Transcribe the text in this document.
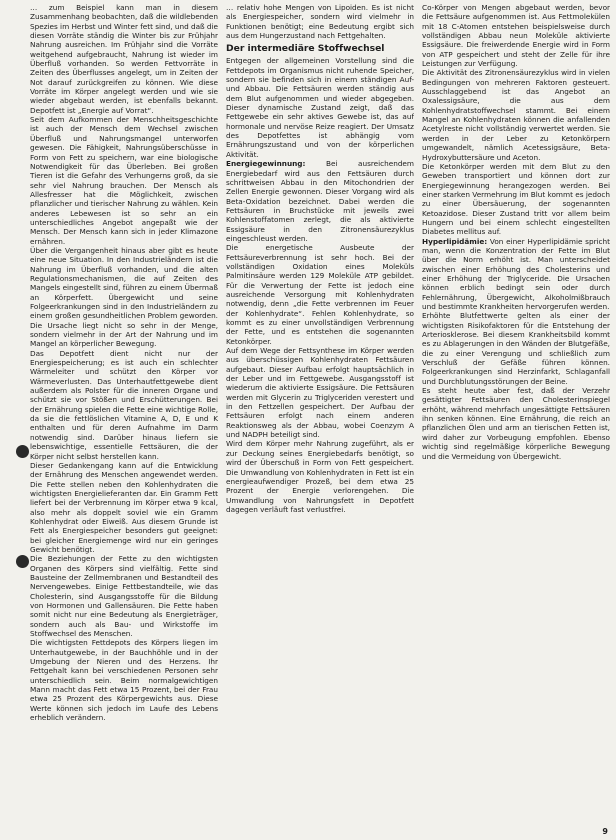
… zum Beispiel kann man in diesem Zusammenhang beobachten, daß die wildlebenden Spezies im Herbst und Winter fett sind, und daß die diesen Vorräte ständig die Winter bis zur Frühjahr Nahrung ausreichen. Im Frühjahr sind die Vorräte weitgehend aufgebraucht, Nahrung ist wieder im Überfluß vorhanden. So werden Fettvorräte in Zeiten des Überflusses angelegt, um in Zeiten der Not darauf zurückgreifen zu können. Wie diese Vorräte im Körper angelegt werden und wie sie wieder abgebaut werden, ist ebenfalls bekannt. Depotfett ist „Energie auf Vorrat“.

Seit dem Aufkommen der Menschheitsgeschichte ist auch der Mensch dem Wechsel zwischen Überfluß und Nahrungsmangel unterworfen gewesen. Die Fähigkeit, Nahrungsüberschüsse in Form von Fett zu speichern, war eine biologische Notwendigkeit für das Überleben. Bei großen Tieren ist die Gefahr des Verhungerns groß, da sie sehr viel Nahrung brauchen. Der Mensch als Allesfresser hat die Möglichkeit, zwischen pflanzlicher und tierischer Nahrung zu wählen. Kein anderes Lebewesen ist so sehr an ein unterschiedliches Angebot angepaßt wie der Mensch. Der Mensch kann sich in jeder Klimazone ernähren.

Über die Vergangenheit hinaus aber gibt es heute eine neue Situation. In den Industrieländern ist die Nahrung im Überfluß vorhanden, und die alten Regulationsmechanismen, die auf Zeiten des Mangels eingestellt sind, führen zu einem Übermaß an Körperfett. Übergewicht und seine Folgeerkrankungen sind in den Industrieländern zu einem großen gesundheitlichen Problem geworden. Die Ursache liegt nicht so sehr in der Menge, sondern vielmehr in der Art der Nahrung und im Mangel an körperlicher Bewegung.

Das Depotfett dient nicht nur der Energiespeicherung; es ist auch ein schlechter Wärmeleiter und schützt den Körper vor Wärmeverlusten. Das Unterhautfettgewebe dient außerdem als Polster für die inneren Organe und schützt sie vor Stößen und Erschütterungen. Bei der Ernährung spielen die Fette eine wichtige Rolle, da sie die fettlöslichen Vitamine A, D, E und K enthalten und für deren Aufnahme im Darm notwendig sind. Darüber hinaus liefern sie lebenswichtige, essentielle Fettsäuren, die der Körper nicht selbst herstellen kann.

Dieser Gedankengang kann auf die Entwicklung der Ernährung des Menschen angewendet werden. Die Fette stellen neben den Kohlenhydraten die wichtigsten Energielieferanten dar. Ein Gramm Fett liefert bei der Verbrennung im Körper etwa 9 kcal, also mehr als doppelt soviel wie ein Gramm Kohlenhydrat oder Eiweiß. Aus diesem Grunde ist Fett als Energiespeicher besonders gut geeignet: bei gleicher Energiemenge wird nur ein geringes Gewicht benötigt.

Die Beziehungen der Fette zu den wichtigsten Organen des Körpers sind vielfältig. Fette sind Bausteine der Zellmembranen und Bestandteil des Nervengewebes. Einige Fettbestandteile, wie das Cholesterin, sind Ausgangsstoffe für die Bildung von Hormonen und Gallensäuren. Die Fette haben somit nicht nur eine Bedeutung als Energieträger, sondern auch als Bau- und Wirkstoffe im Stoffwechsel des Menschen.

Die wichtigsten Fettdepots des Körpers liegen im Unterhautgewebe, in der Bauchhöhle und in der Umgebung der Nieren und des Herzens. Ihr Fettgehalt kann bei verschiedenen Personen sehr unterschiedlich sein. Beim normalgewichtigen Mann macht das Fett etwa 15 Prozent, bei der Frau etwa 25 Prozent des Körpergewichts aus. Diese Werte können sich jedoch im Laufe des Lebens erheblich verändern.

… relativ hohe Mengen von Lipoiden. Es ist nicht als Energiespeicher, sondern wird vielmehr in Funktionen benötigt; eine Bedeutung ergibt sich aus dem Hungerzustand nach Fettgehalten.

Der intermediäre Stoffwechsel

Entgegen der allgemeinen Vorstellung sind die Fettdepots im Organismus nicht ruhende Speicher, sondern sie befinden sich in einem ständigen Auf- und Abbau. Die Fettsäuren werden ständig aus dem Blut aufgenommen und wieder abgegeben. Dieser dynamische Zustand zeigt, daß das Fettgewebe ein sehr aktives Gewebe ist, das auf hormonale und nervöse Reize reagiert. Der Umsatz des Depotfettes ist abhängig vom Ernährungszustand und von der körperlichen Aktivität.

Energiegewinnung:	Bei ausreichendem Energiebedarf wird aus den Fettsäuren durch schrittweisen Abbau in den Mitochondrien der Zellen Energie gewonnen. Dieser Vorgang wird als Beta-Oxidation bezeichnet. Dabei werden die Fettsäuren in Bruchstücke mit jeweils zwei Kohlenstoffatomen zerlegt, die als aktivierte Essigsäure in den Zitronensäurezyklus eingeschleust werden.

Die energetische Ausbeute der Fettsäureverbrennung ist sehr hoch. Bei der vollständigen Oxidation eines Moleküls Palmitinsäure werden 129 Moleküle ATP gebildet. Für die Verwertung der Fette ist jedoch eine ausreichende Versorgung mit Kohlenhydraten notwendig, denn „die Fette verbrennen im Feuer der Kohlenhydrate“. Fehlen Kohlenhydrate, so kommt es zu einer unvollständigen Verbrennung der Fette, und es entstehen die sogenannten Ketonkörper.

Auf dem Wege der Fettsynthese im Körper werden aus überschüssigen Kohlenhydraten Fettsäuren aufgebaut. Dieser Aufbau erfolgt hauptsächlich in der Leber und im Fettgewebe. Ausgangsstoff ist wiederum die aktivierte Essigsäure. Die Fettsäuren werden mit Glycerin zu Triglyceriden verestert und in den Fettzellen gespeichert. Der Aufbau der Fettsäuren erfolgt nach einem anderen Reaktionsweg als der Abbau, wobei Coenzym A und NADPH beteiligt sind.

Wird dem Körper mehr Nahrung zugeführt, als er zur Deckung seines Energiebedarfs benötigt, so wird der Überschuß in Form von Fett gespeichert. Die Umwandlung von Kohlenhydraten in Fett ist ein energieaufwendiger Prozeß, bei dem etwa 25 Prozent der Energie verlorengehen. Die Umwandlung von Nahrungsfett in Depotfett dagegen verläuft fast verlustfrei.

Co-Körper von Mengen abgebaut werden, bevor die Fettsäure aufgenommen ist. Aus Fettmolekülen mit 18 C-Atomen entstehen beispielsweise durch vollständigen Abbau neun Moleküle aktivierte Essigsäure. Die freiwerdende Energie wird in Form von ATP gespeichert und steht der Zelle für ihre Leistungen zur Verfügung.

Die Aktivität des Zitronensäurezyklus wird in vielen Bedingungen von mehreren Faktoren gesteuert. Ausschlaggebend ist das Angebot an Oxalessigsäure, die aus dem Kohlenhydratstoffwechsel stammt. Bei einem Mangel an Kohlenhydraten können die anfallenden Acetylreste nicht vollständig verwertet werden. Sie werden in der Leber zu Ketonkörpern umgewandelt, nämlich Acetessigsäure, Beta-Hydroxybuttersäure und Aceton.

Die Ketonkörper werden mit dem Blut zu den Geweben transportiert und können dort zur Energiegewinnung herangezogen werden. Bei einer starken Vermehrung im Blut kommt es jedoch zu einer Übersäuerung, der sogenannten Ketoazidose. Dieser Zustand tritt vor allem beim Hungern und bei einem schlecht eingestellten Diabetes mellitus auf.

Hyperlipidämie: Von einer Hyperlipidämie spricht man, wenn die Konzentration der Fette im Blut über die Norm erhöht ist. Man unterscheidet zwischen einer Erhöhung des Cholesterins und einer Erhöhung der Triglyceride. Die Ursachen können erblich bedingt sein oder durch Fehlernährung, Übergewicht, Alkoholmißbrauch und bestimmte Krankheiten hervorgerufen werden.

Erhöhte Blutfettwerte gelten als einer der wichtigsten Risikofaktoren für die Entstehung der Arteriosklerose. Bei diesem Krankheitsbild kommt es zu Ablagerungen in den Wänden der Blutgefäße, die zu einer Verengung und schließlich zum Verschluß der Gefäße führen können. Folgeerkrankungen sind Herzinfarkt, Schlaganfall und Durchblutungsstörungen der Beine.

Es steht heute aber fest, daß der Verzehr gesättigter Fettsäuren den Cholesterinspiegel erhöht, während mehrfach ungesättigte Fettsäuren ihn senken können. Eine Ernährung, die reich an pflanzlichen Ölen und arm an tierischen Fetten ist, wird daher zur Vorbeugung empfohlen. Ebenso wichtig sind regelmäßige körperliche Bewegung und die Vermeidung von Übergewicht.

9
